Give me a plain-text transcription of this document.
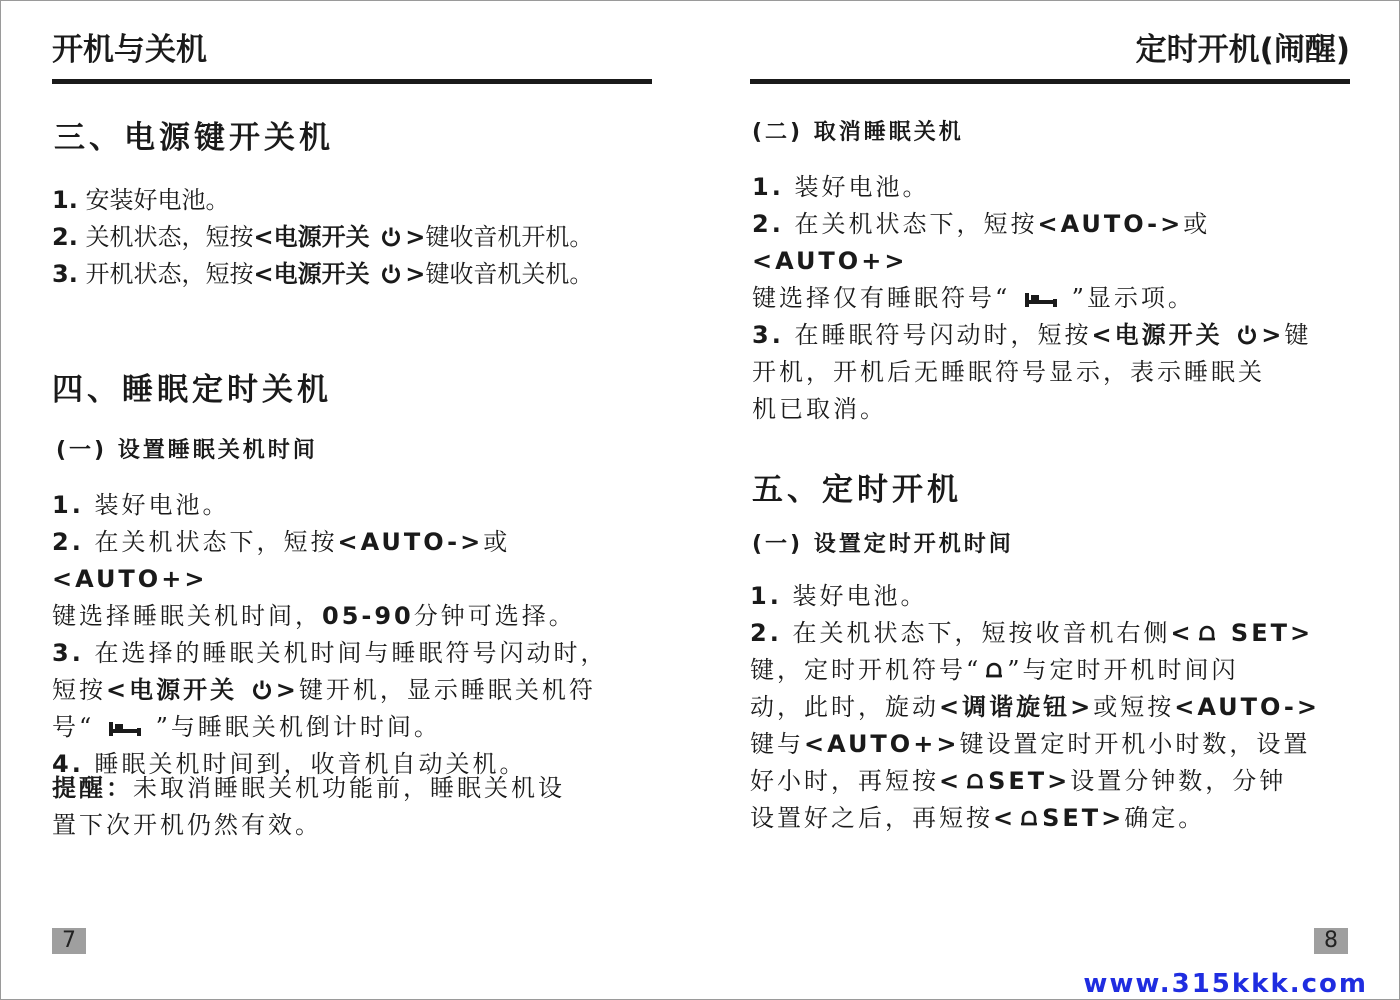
开机与关机
三、电源键开关机

1. 安装好电池。

2. 关机状态，短按<电源开关 >键收音机开机。

3. 开机状态，短按<电源开关 >键收音机关机。

四、睡眠定时关机
(一) 设置睡眠关机时间

1. 装好电池。

2. 在关机状态下，短按<AUTO->或<AUTO+>
键选择睡眠关机时间，05-90分钟可选择。

3. 在选择的睡眠关机时间与睡眠符号闪动时，
短按<电源开关 >键开机，显示睡眠关机符
号“	”与睡眠关机倒计时间。

4. 睡眠关机时间到，收音机自动关机。

提醒：未取消睡眠关机功能前，睡眠关机设
置下次开机仍然有效。

7
定时开机(闹醒)
(二) 取消睡眠关机

1. 装好电池。

2. 在关机状态下，短按<AUTO->或<AUTO+>
键选择仅有睡眠符号“	”显示项。

3. 在睡眠符号闪动时，短按<电源开关 >键
开机，开机后无睡眠符号显示，表示睡眠关
机已取消。

五、定时开机
(一) 设置定时开机时间

1. 装好电池。

2. 在关机状态下，短按收音机右侧< SET>
键，定时开机符号“ ”与定时开机时间闪
动，此时，旋动<调谐旋钮>或短按<AUTO->
键与<AUTO+>键设置定时开机小时数，设置
好小时，再短按< SET>设置分钟数，分钟
设置好之后，再短按< SET>确定。

8
www.315kkk.com
